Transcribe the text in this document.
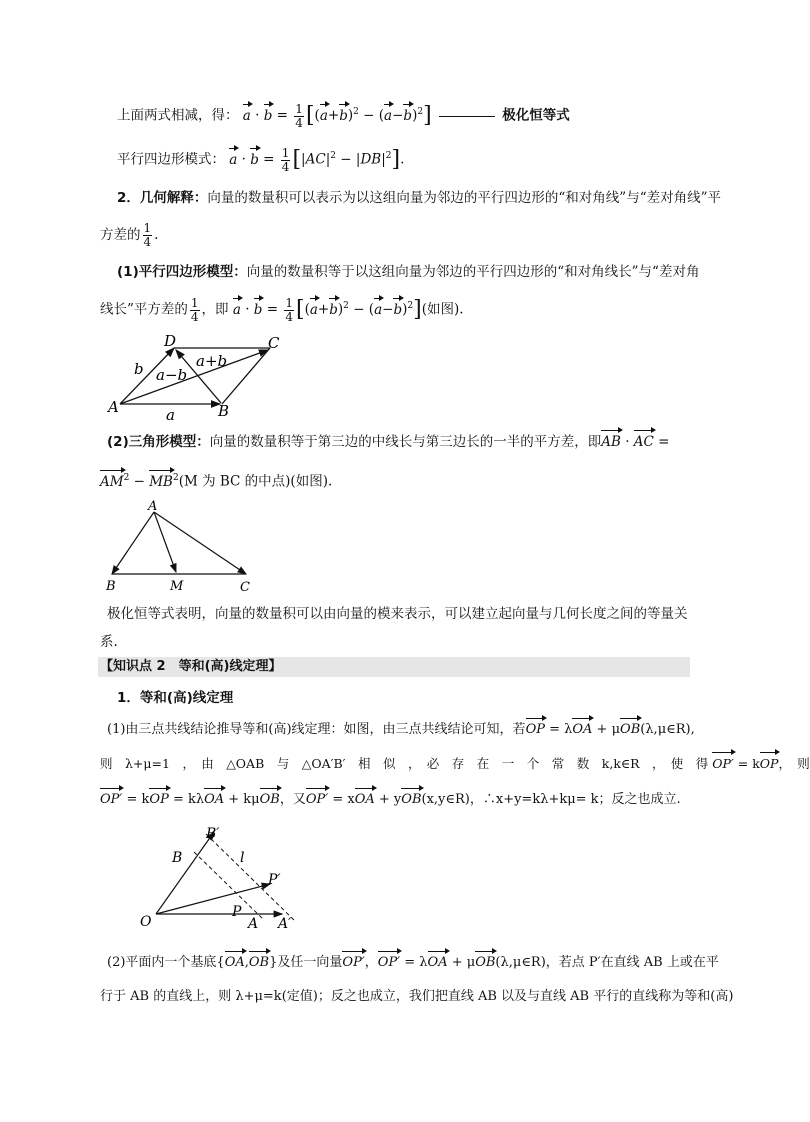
上面两式相减，得： $a \cdot b = \frac{1}{4} [(a+b)^2 - (a-b)^2]$	极化恒等式
平行四边形模式： $a \cdot b = \frac{1}{4} [|AC|^2 - |DB|^2]$.
2．几何解释：向量的数量积可以表示为以这组向量为邻边的平行四边形的“和对角线”与“差对角线”平
方差的 $\frac{1}{4}$ .
(1)平行四边形模型：向量的数量积等于以这组向量为邻边的平行四边形的“和对角线长”与“差对角
线长”平方差的 $\frac{1}{4}$ ，即 $a \cdot b = \frac{1}{4} [(a+b)^2 - (a-b)^2]$(如图).
A	B
C
D
a
b	a+b
a−b
(2)三角形模型：向量的数量积等于第三边的中线长与第三边长的一半的平方差，即AB · AC =
$AM^2 - MB^2(M$ 为 BC 的中点)(如图).
A
B	M	C
极化恒等式表明，向量的数量积可以由向量的模来表示，可以建立起向量与几何长度之间的等量关
系.
【知识点 2　等和(高)线定理】
1．等和(高)线定理
(1)由三点共线结论推导等和(高)线定理：如图，由三点共线结论可知，若OP = λOA + μOB(λ,μ∈R),
则　λ+μ=1　，　由　△OAB　与　△OA′B′　相　似　，　必　存　在　一　个　常　数　k,k∈R　，　使　得 OP′ = kOP，　则
OP′ = kOP = kλOA + kμOB，又OP′ = xOA + yOB(x,y∈R)，∴x+y=kλ+kμ= k；反之也成立.
O	A A′
B
B′
P
P′
l
(2)平面内一个基底{OA,OB}及任一向量OP′，OP′ = λOA + μOB(λ,μ∈R)，若点 P′在直线 AB 上或在平
行于 AB 的直线上，则 λ+μ=k(定值)；反之也成立，我们把直线 AB 以及与直线 AB 平行的直线称为等和(高)
